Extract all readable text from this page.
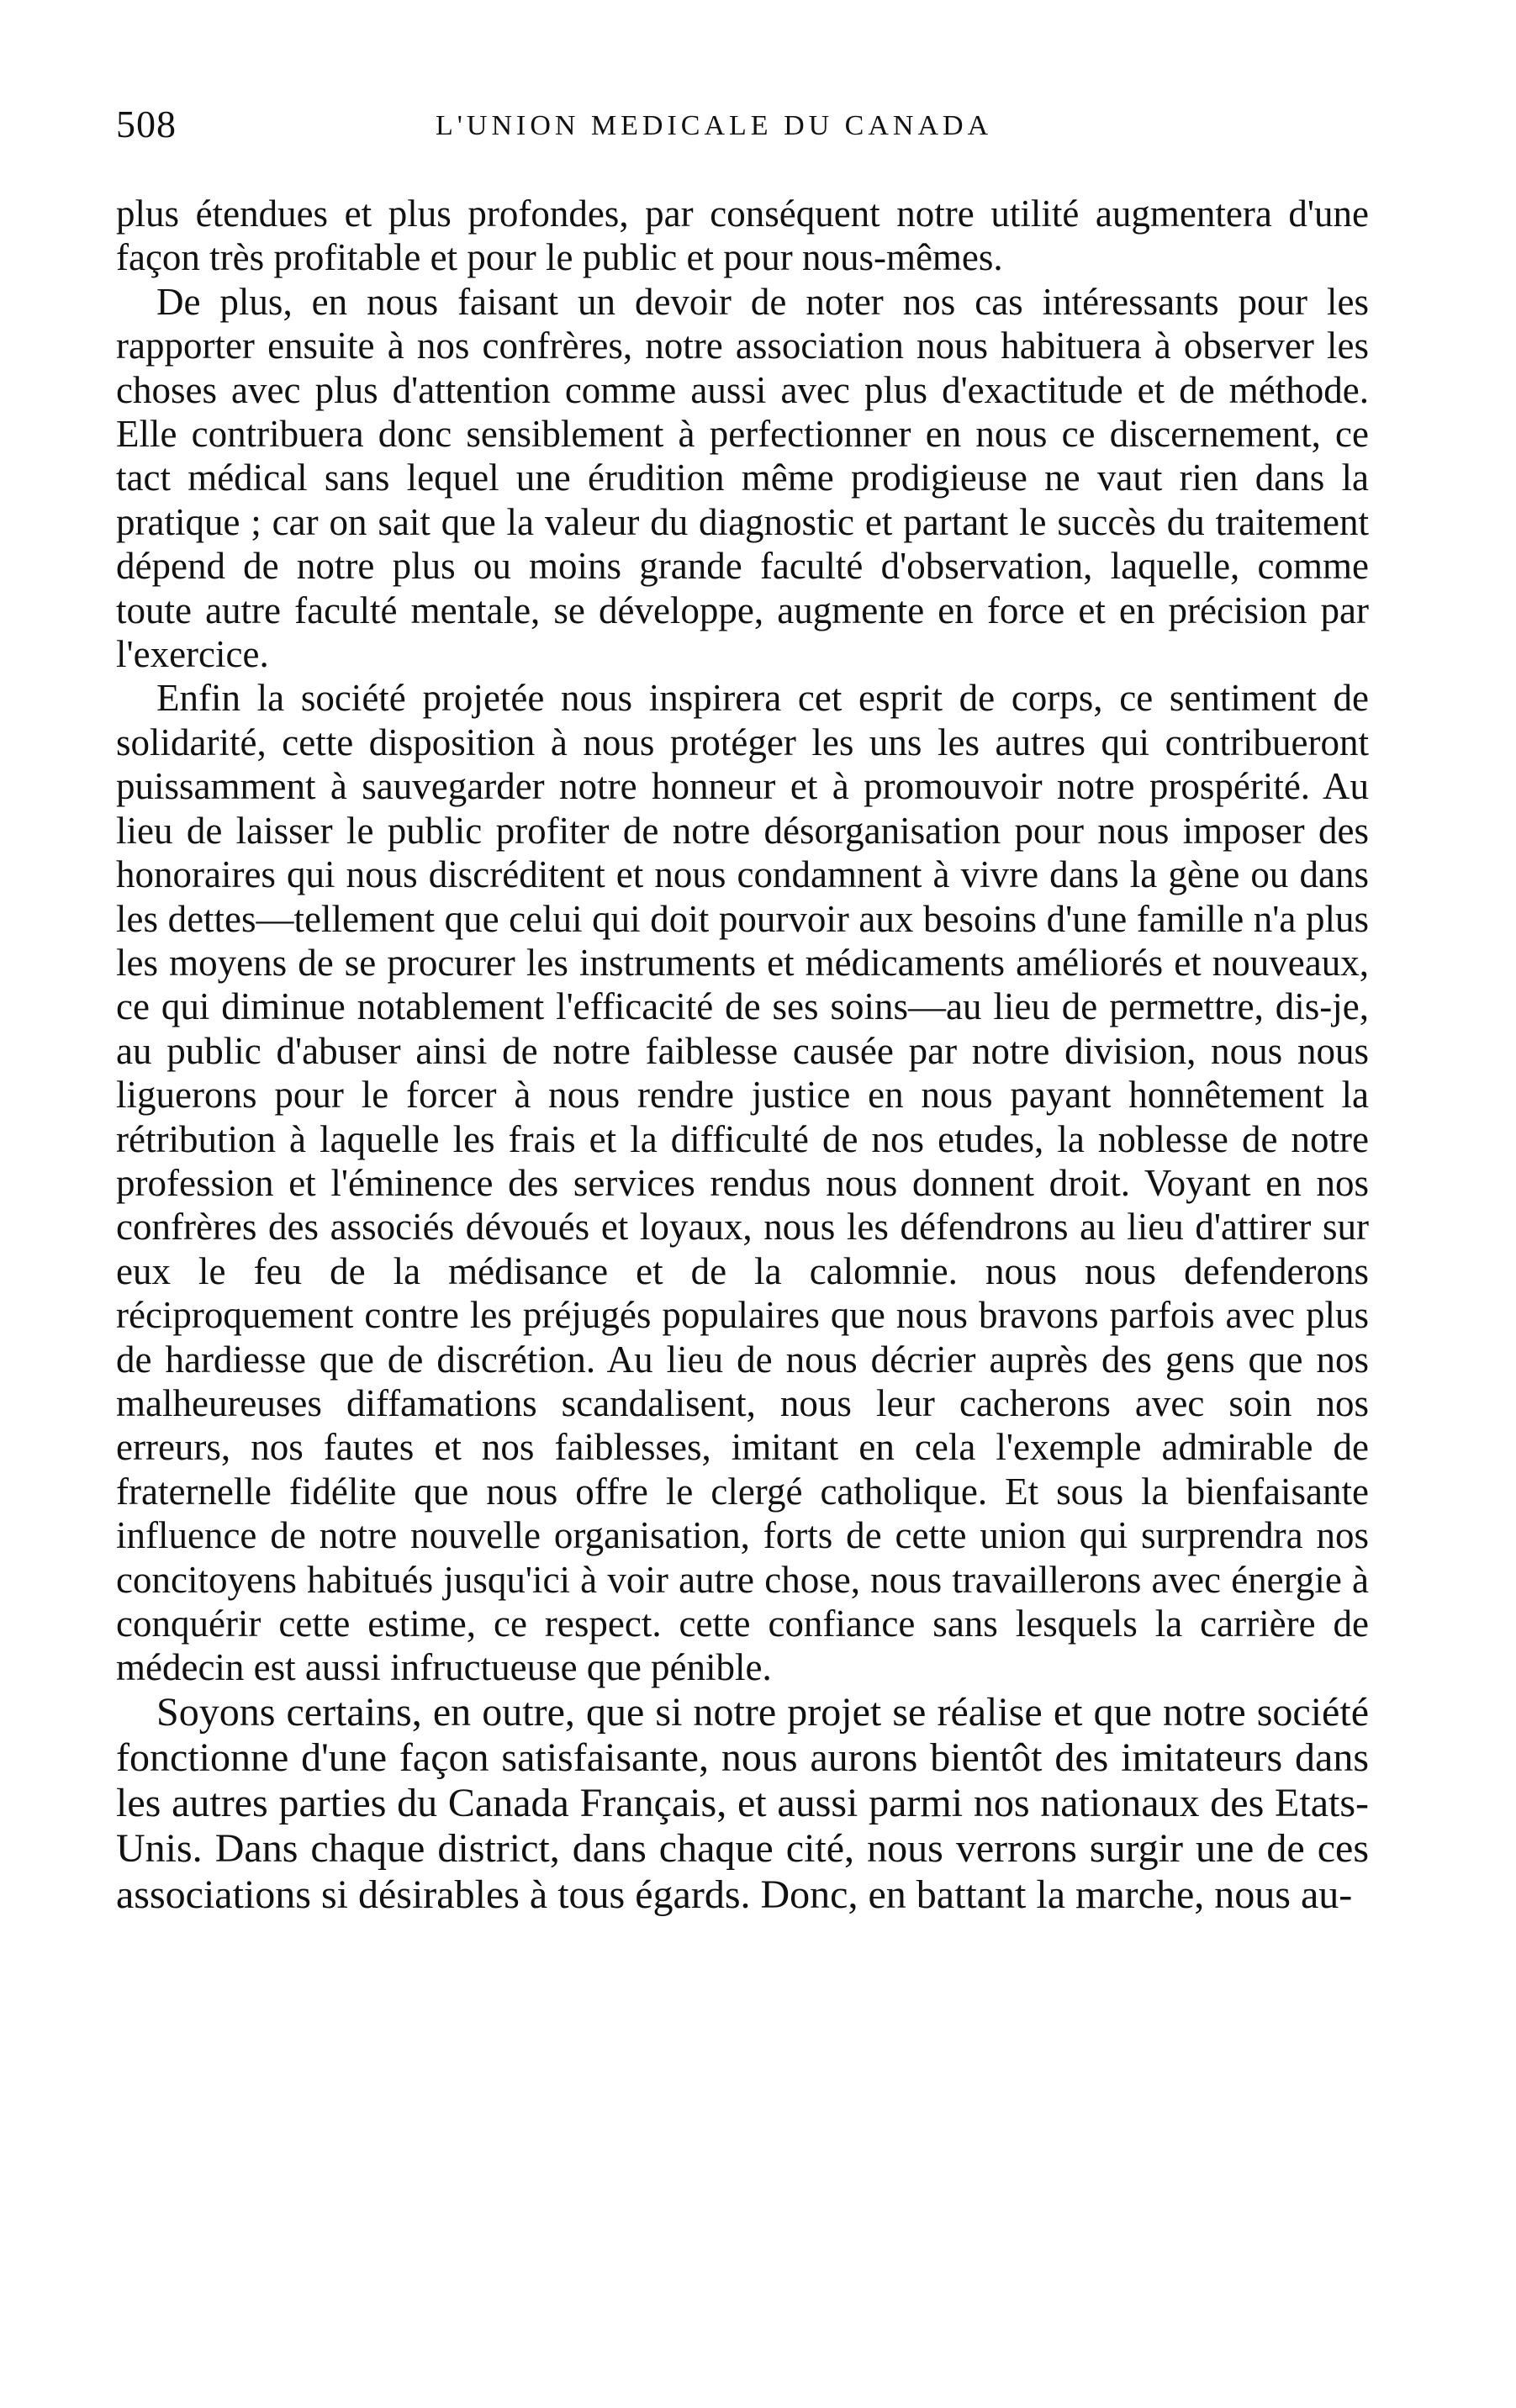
508	L'UNION MEDICALE DU CANADA

plus étendues et plus profondes, par conséquent notre utilité augmentera d'une façon très profitable et pour le public et pour nous-mêmes.

De plus, en nous faisant un devoir de noter nos cas intéressants pour les rapporter ensuite à nos confrères, notre association nous habituera à observer les choses avec plus d'attention comme aussi avec plus d'exactitude et de méthode. Elle contribuera donc sensiblement à perfectionner en nous ce discernement, ce tact médical sans lequel une érudition même prodigieuse ne vaut rien dans la pratique ; car on sait que la valeur du diagnostic et partant le succès du traitement dépend de notre plus ou moins grande faculté d'observation, laquelle, comme toute autre faculté mentale, se développe, augmente en force et en précision par l'exercice.

Enfin la société projetée nous inspirera cet esprit de corps, ce sentiment de solidarité, cette disposition à nous protéger les uns les autres qui contribueront puissamment à sauvegarder notre honneur et à promouvoir notre prospérité. Au lieu de laisser le public profiter de notre désorganisation pour nous imposer des honoraires qui nous discréditent et nous condamnent à vivre dans la gène ou dans les dettes—tellement que celui qui doit pourvoir aux besoins d'une famille n'a plus les moyens de se procurer les instruments et médicaments améliorés et nouveaux, ce qui diminue notablement l'efficacité de ses soins—au lieu de permettre, dis-je, au public d'abuser ainsi de notre faiblesse causée par notre division, nous nous liguerons pour le forcer à nous rendre justice en nous payant honnêtement la rétribution à laquelle les frais et la difficulté de nos etudes, la noblesse de notre profession et l'éminence des services rendus nous donnent droit. Voyant en nos confrères des associés dévoués et loyaux, nous les défendrons au lieu d'attirer sur eux le feu de la médisance et de la calomnie. nous nous defenderons réciproquement contre les préjugés populaires que nous bravons parfois avec plus de hardiesse que de discrétion. Au lieu de nous décrier auprès des gens que nos malheureuses diffamations scandalisent, nous leur cacherons avec soin nos erreurs, nos fautes et nos faiblesses, imitant en cela l'exemple admirable de fraternelle fidélite que nous offre le clergé catholique. Et sous la bienfaisante influence de notre nouvelle organisation, forts de cette union qui surprendra nos concitoyens habitués jusqu'ici à voir autre chose, nous travaillerons avec énergie à conquérir cette estime, ce respect. cette confiance sans lesquels la carrière de médecin est aussi infructueuse que pénible.

Soyons certains, en outre, que si notre projet se réalise et que notre société fonctionne d'une façon satisfaisante, nous aurons bientôt des imitateurs dans les autres parties du Canada Français, et aussi parmi nos nationaux des Etats-Unis. Dans chaque district, dans chaque cité, nous verrons surgir une de ces associations si désirables à tous égards. Donc, en battant la marche, nous au-
